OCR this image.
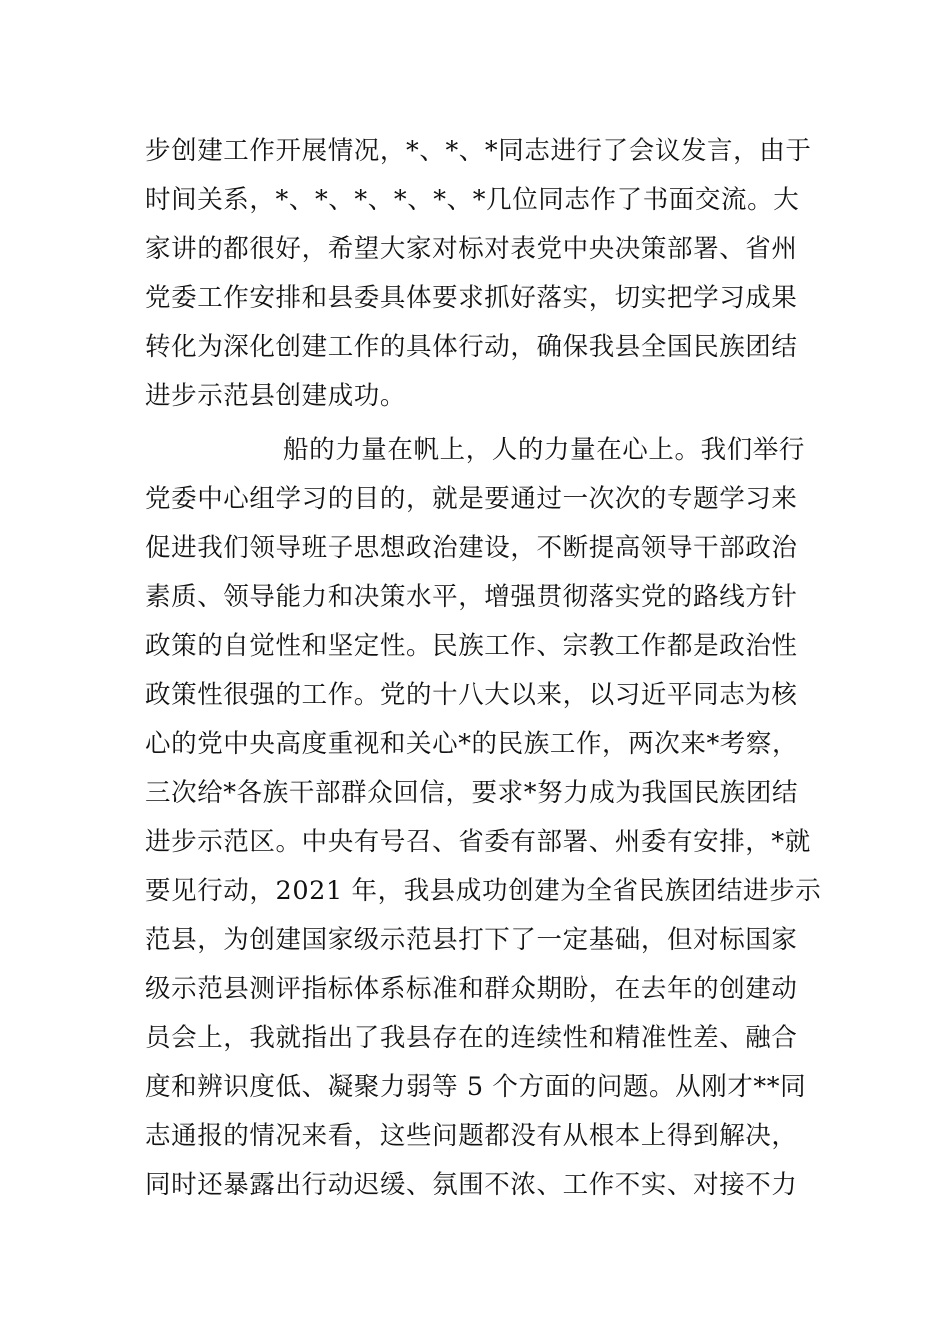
步创建工作开展情况，*、*、*同志进行了会议发言，由于
时间关系，*、*、*、*、*、*几位同志作了书面交流。大
家讲的都很好，希望大家对标对表党中央决策部署、省州
党委工作安排和县委具体要求抓好落实，切实把学习成果
转化为深化创建工作的具体行动，确保我县全国民族团结
进步示范县创建成功。
船的力量在帆上，人的力量在心上。我们举行
党委中心组学习的目的，就是要通过一次次的专题学习来
促进我们领导班子思想政治建设，不断提高领导干部政治
素质、领导能力和决策水平，增强贯彻落实党的路线方针
政策的自觉性和坚定性。民族工作、宗教工作都是政治性
政策性很强的工作。党的十八大以来，以习近平同志为核
心的党中央高度重视和关心*的民族工作，两次来*考察，
三次给*各族干部群众回信，要求*努力成为我国民族团结
进步示范区。中央有号召、省委有部署、州委有安排，*就
要见行动，2021 年，我县成功创建为全省民族团结进步示
范县，为创建国家级示范县打下了一定基础，但对标国家
级示范县测评指标体系标准和群众期盼，在去年的创建动
员会上，我就指出了我县存在的连续性和精准性差、融合
度和辨识度低、凝聚力弱等 5 个方面的问题。从刚才**同
志通报的情况来看，这些问题都没有从根本上得到解决，
同时还暴露出行动迟缓、氛围不浓、工作不实、对接不力
